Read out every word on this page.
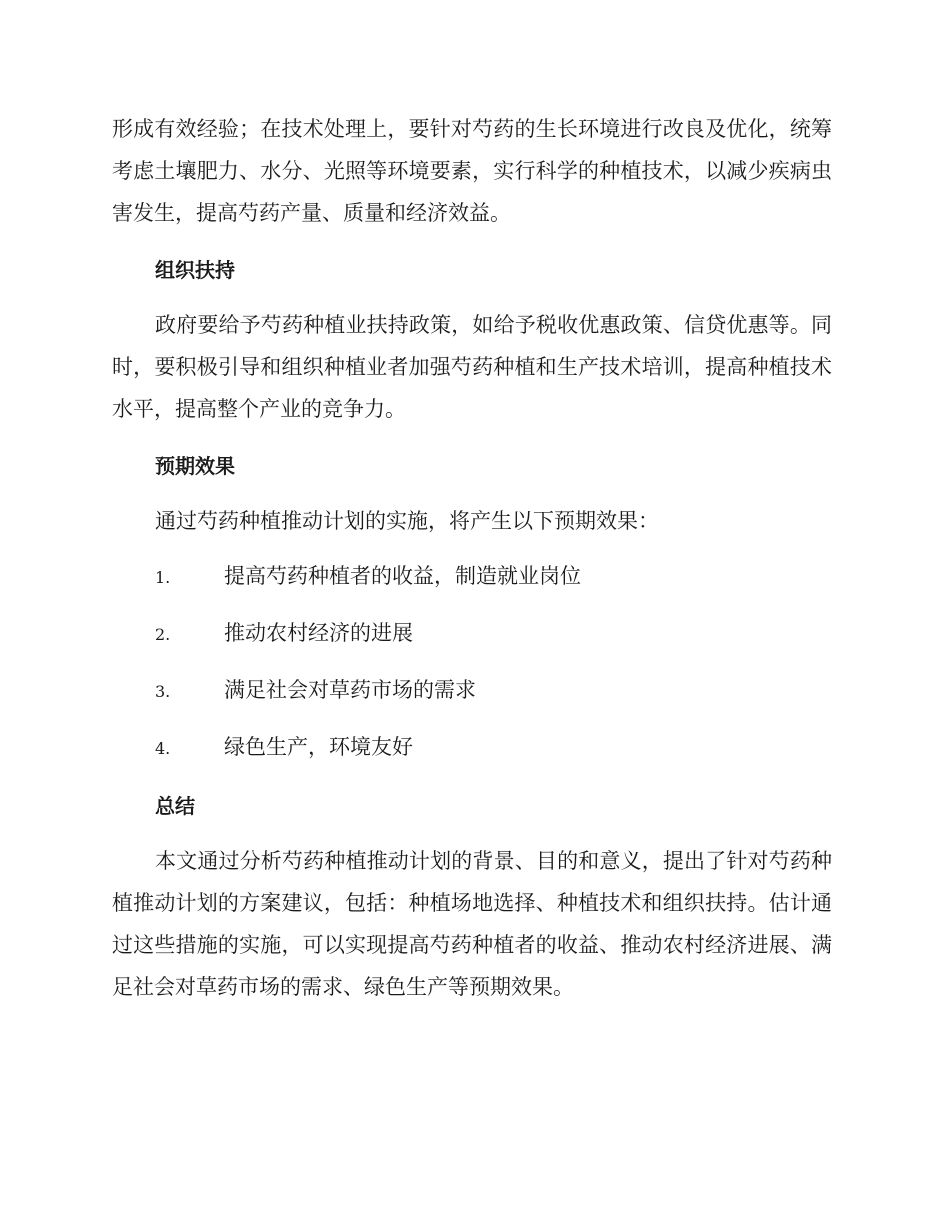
形成有效经验；在技术处理上，要针对芍药的生长环境进行改良及优化，统筹考虑土壤肥力、水分、光照等环境要素，实行科学的种植技术，以减少疾病虫害发生，提高芍药产量、质量和经济效益。

组织扶持

政府要给予芍药种植业扶持政策，如给予税收优惠政策、信贷优惠等。同时，要积极引导和组织种植业者加强芍药种植和生产技术培训，提高种植技术水平，提高整个产业的竞争力。

预期效果

通过芍药种植推动计划的实施，将产生以下预期效果：

1.	提高芍药种植者的收益，制造就业岗位
2.	推动农村经济的进展
3.	满足社会对草药市场的需求
4.	绿色生产，环境友好
总结

本文通过分析芍药种植推动计划的背景、目的和意义，提出了针对芍药种植推动计划的方案建议，包括：种植场地选择、种植技术和组织扶持。估计通过这些措施的实施，可以实现提高芍药种植者的收益、推动农村经济进展、满足社会对草药市场的需求、绿色生产等预期效果。
